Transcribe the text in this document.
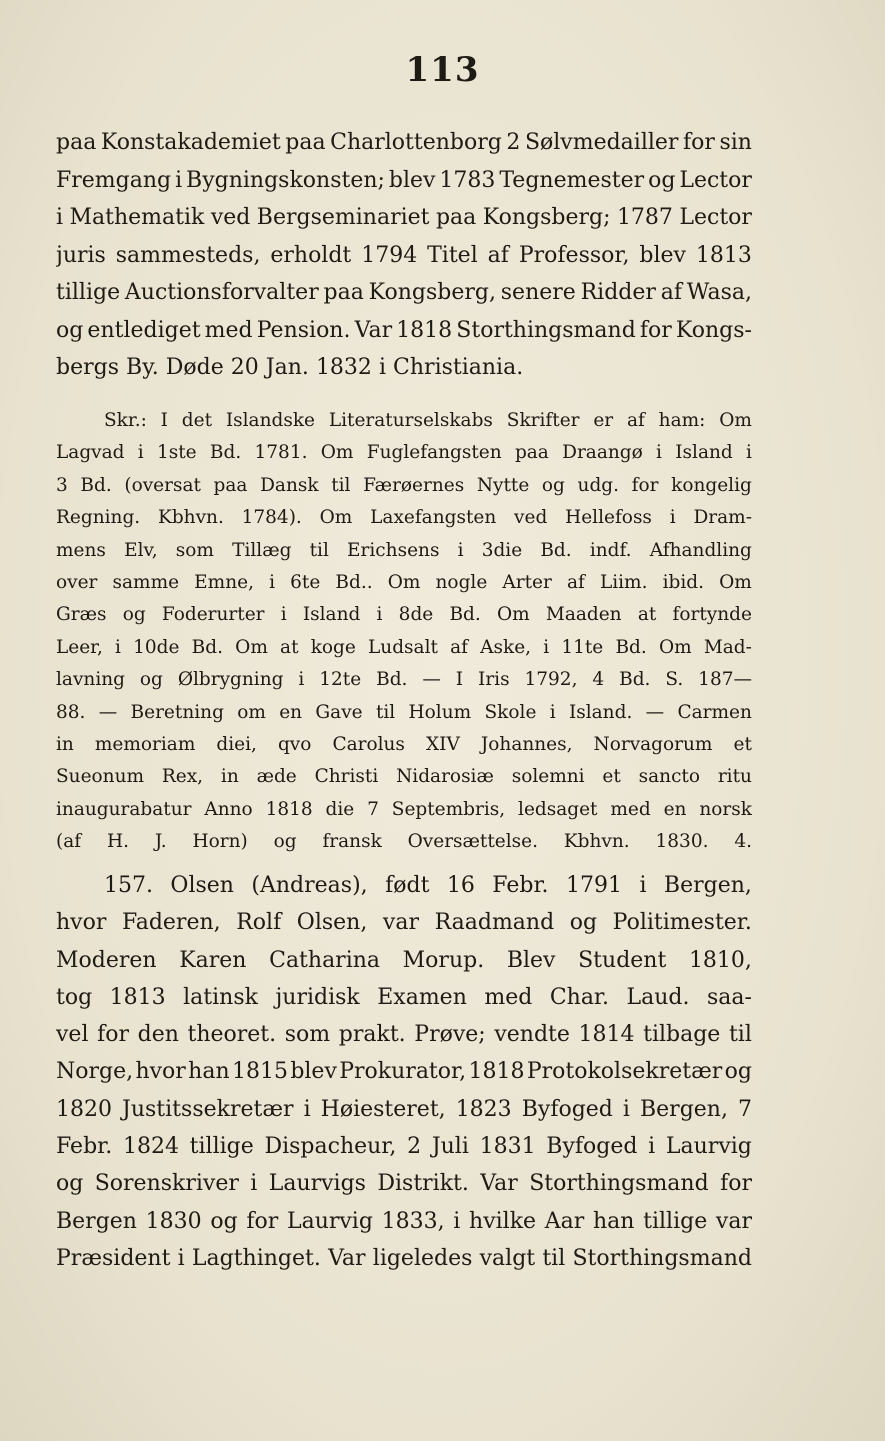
113
paa Konstakademiet paa Charlottenborg 2 Sølvmedailler for sin
Fremgang i Bygningskonsten; blev 1783 Tegnemester og Lector
i Mathematik ved Bergseminariet paa Kongsberg; 1787 Lector
juris sammesteds, erholdt 1794 Titel af Professor, blev 1813
tillige Auctionsforvalter paa Kongsberg, senere Ridder af Wasa,
og entlediget med Pension. Var 1818 Storthingsmand for Kongs-
bergs By. Døde 20 Jan. 1832 i Christiania.
Skr.: I det Islandske Literaturselskabs Skrifter er af ham: Om
Lagvad i 1ste Bd. 1781. Om Fuglefangsten paa Draangø i Island i
3 Bd. (oversat paa Dansk til Færøernes Nytte og udg. for kongelig
Regning. Kbhvn. 1784). Om Laxefangsten ved Hellefoss i Dram-
mens Elv, som Tillæg til Erichsens i 3die Bd. indf. Afhandling
over samme Emne, i 6te Bd.. Om nogle Arter af Liim. ibid. Om
Græs og Foderurter i Island i 8de Bd. Om Maaden at fortynde
Leer, i 10de Bd. Om at koge Ludsalt af Aske, i 11te Bd. Om Mad-
lavning og Ølbrygning i 12te Bd. — I Iris 1792, 4 Bd. S. 187—
88. — Beretning om en Gave til Holum Skole i Island. — Carmen
in memoriam diei, qvo Carolus XIV Johannes, Norvagorum et
Sueonum Rex, in æde Christi Nidarosiæ solemni et sancto ritu
inaugurabatur Anno 1818 die 7 Septembris, ledsaget med en norsk
(af H. J. Horn) og fransk Oversættelse. Kbhvn. 1830. 4.
157. Olsen (Andreas), født 16 Febr. 1791 i Bergen,
hvor Faderen, Rolf Olsen, var Raadmand og Politimester.
Moderen Karen Catharina Morup. Blev Student 1810,
tog 1813 latinsk juridisk Examen med Char. Laud. saa-
vel for den theoret. som prakt. Prøve; vendte 1814 tilbage til
Norge, hvor han 1815 blev Prokurator, 1818 Protokolsekretær og
1820 Justitssekretær i Høiesteret, 1823 Byfoged i Bergen, 7
Febr. 1824 tillige Dispacheur, 2 Juli 1831 Byfoged i Laurvig
og Sorenskriver i Laurvigs Distrikt. Var Storthingsmand for
Bergen 1830 og for Laurvig 1833, i hvilke Aar han tillige var
Præsident i Lagthinget. Var ligeledes valgt til Storthingsmand
